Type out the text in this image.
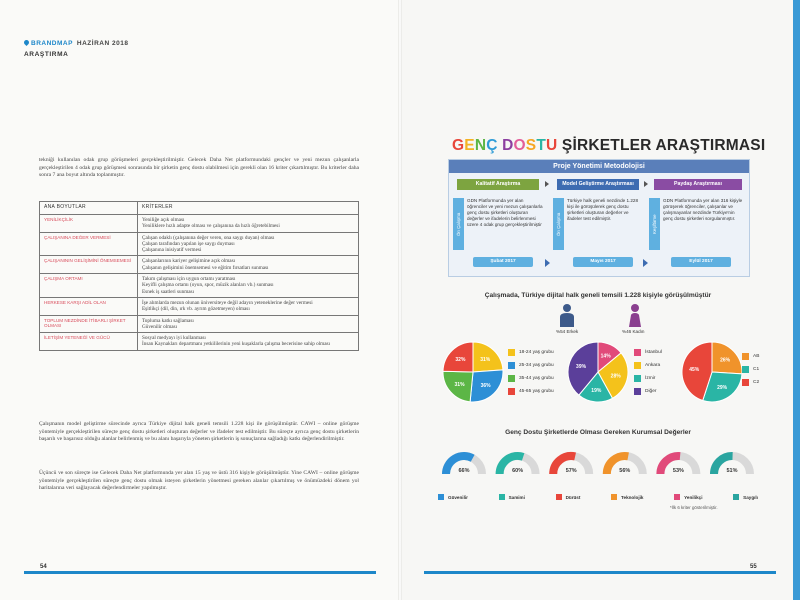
BRANDMAP HAZİRAN 2018
ARAŞTIRMA

tekniği kullanılan odak grup görüşmeleri gerçekleştirilmiştir. Gelecek Daha Net platformundaki gençler ve yeni mezun çalışanlarla gerçekleştirilen 4 odak grup görüşmesi sonrasında bir şirketin genç dostu olabilmesi için gerekli olan 16 kriter çıkartılmıştır. Bu kriterler daha sonra 7 ana boyut altında toplanmıştır.

ANA BOYUTLAR	KRİTERLER
YENİLİKÇİLİK	Yeniliğe açık olması
Yeniliklere hızlı adapte olması ve çalışanına da hızlı öğretebilmesi

ÇALIŞANINA DEĞER VERMESİ	Çalışan odaklı (çalışanına değer veren, ona saygı duyan) olması
Çalışan tarafından yapılan işe saygı duyması
Çalışanına inisiyatif vermesi

ÇALIŞANININ GELİŞİMİNİ ÖNEMSEMESİ	Çalışanlarının kariyer gelişimine açık olması
Çalışanın gelişimini önemsemesi ve eğitim fırsatları sunması

ÇALIŞMA ORTAMI	Takım çalışması için uygun ortamı yaratması
Keyifli çalışma ortamı (oyun, spor, müzik alanları vb.) sunması
Esnek iş saatleri sunması

HERKESE KARŞI ADİL OLAN	İşe alımlarda mezun olunan üniversiteye değil adayın yeteneklerine değer vermesi
Eşitlikçi (dil, din, ırk vb. ayrım gözetmeyen) olması

TOPLUM NEZDİNDE İTİBARLI ŞİRKET OLMASI	Topluma katkı sağlaması
Güvenilir olması

İLETİŞİM YETENEĞİ VE GÜCÜ	Sosyal medyayı iyi kullanması
İnsan Kaynakları departmanı yetkililerinin yeni kuşaklarla çalışma becerisine sahip olması

Çalışmanın model geliştirme sürecinde ayrıca Türkiye dijital halk geneli temsili 1.228 kişi ile görüşülmüştür. CAWI – online görüşme yöntemiyle gerçekleştirilen süreçte genç dostu şirketleri oluşturan değerler ve ifadeler test edilmiştir. Bu süreçte ayrıca genç dostu şirketlerin başarılı ve başarısız olduğu alanlar belirlenmiş ve bu alanı başarıyla yöneten şirketlerin iş sonuçlarına sağladığı katkı değerlendirilmiştir.

Üçüncü ve son süreçte ise Gelecek Daha Net platformunda yer alan 15 yaş ve üstü 316 kişiyle görüşülmüştür. Yine CAWI – online görüşme yöntemiyle gerçekleştirilen süreçte genç dostu olmak isteyen şirketlerin yönetmesi gereken alanlar çıkartılmış ve önümüzdeki dönem yol haritalarına veri sağlayacak değerlendirmeler yapılmıştır.

54
GENÇ DOSTU ŞİRKETLER ARAŞTIRMASI
Proje Yönetimi Metodolojisi
Kalitatif Araştırma	Model Geliştirme Araştırması	Paydaş Araştırması
Ön Çalışma	Ön Çalışma	Keşiftirme
GDN Platformunda yer alan öğrenciler ve yeni mezun çalışanlarla genç dostu şirketleri oluşturan değerler ve ifadelerin belirlenmesi üzere 4 odak grup gerçekleştirilmiştir
Türkiye halk geneli nezdinde 1.228 kişi ile görüşülerek genç dostu şirketleri oluşturan değerler ve ifadeler test edilmiştir.
GDN Platformunda yer alan 316 kişiyle görüşerek öğrenciler, çalışanlar ve çalışmayanlar nezdinde Türkiye'nin genç dostu şirketleri sorgulanmıştır.
Şubat 2017	Mayıs 2017	Eylül 2017
Çalışmada, Türkiye dijital halk geneli temsili 1.228 kişiyle görüşülmüştür
%54 Erkek	%46 Kadın
31%
36%
31%
32%
14%
28%
19%
39%
26%
29%
45%
18-24 yaş grubu
25-34 yaş grubu
35-44 yaş grubu
45-65 yaş grubu
İstanbul
Ankara
İzmir
Diğer
AB
C1
C2
Genç Dostu Şirketlerde Olması Gereken Kurumsal Değerler
66%	60%	57%	56%	53%	51%
Güvenilir	Samimi	Dürüst	Teknolojik	Yenilikçi	Saygılı
*İlk 6 kriter gösterilmiştir.
55
